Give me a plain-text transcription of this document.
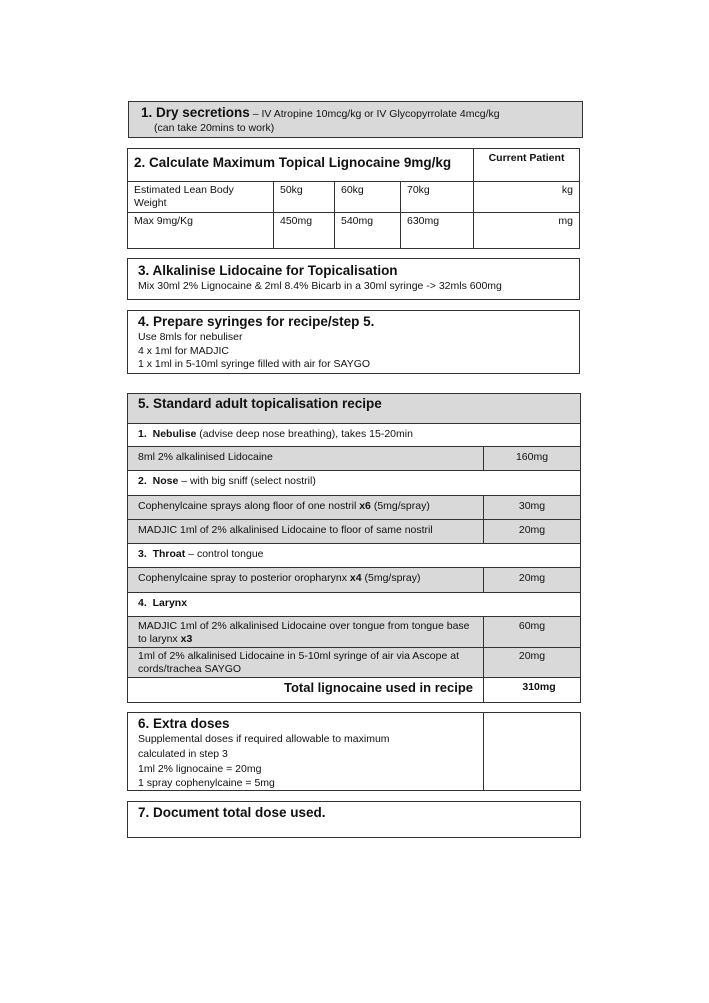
1. Dry secretions – IV Atropine 10mcg/kg or IV Glycopyrrolate 4mcg/kg
(can take 20mins to work)
2. Calculate Maximum Topical Lignocaine 9mg/kg				Current Patient
Estimated Lean Body Weight	50kg	60kg	70kg	kg
Max 9mg/Kg	450mg	540mg	630mg	mg
3. Alkalinise Lidocaine for Topicalisation
Mix 30ml 2% Lignocaine & 2ml 8.4% Bicarb in a 30ml syringe -> 32mls 600mg
4. Prepare syringes for recipe/step 5.
Use 8mls for nebuliser
4 x 1ml for MADJIC
1 x 1ml in 5-10ml syringe filled with air for SAYGO
5. Standard adult topicalisation recipe	
1. Nebulise (advise deep nose breathing), takes 15-20min	
8ml 2% alkalinised Lidocaine	160mg
2. Nose – with big sniff (select nostril)	
Cophenylcaine sprays along floor of one nostril x6 (5mg/spray)	30mg
MADJIC 1ml of 2% alkalinised Lidocaine to floor of same nostril	20mg
3. Throat – control tongue	
Cophenylcaine spray to posterior oropharynx x4 (5mg/spray)	20mg
4. Larynx	
MADJIC 1ml of 2% alkalinised Lidocaine over tongue from tongue base to larynx x3	60mg
1ml of 2% alkalinised Lidocaine in 5-10ml syringe of air via Ascope at cords/trachea SAYGO	20mg
Total lignocaine used in recipe	310mg
6. Extra doses
Supplemental doses if required allowable to maximum calculated in step 3
1ml 2% lignocaine = 20mg
1 spray cophenylcaine = 5mg

7. Document total dose used.
